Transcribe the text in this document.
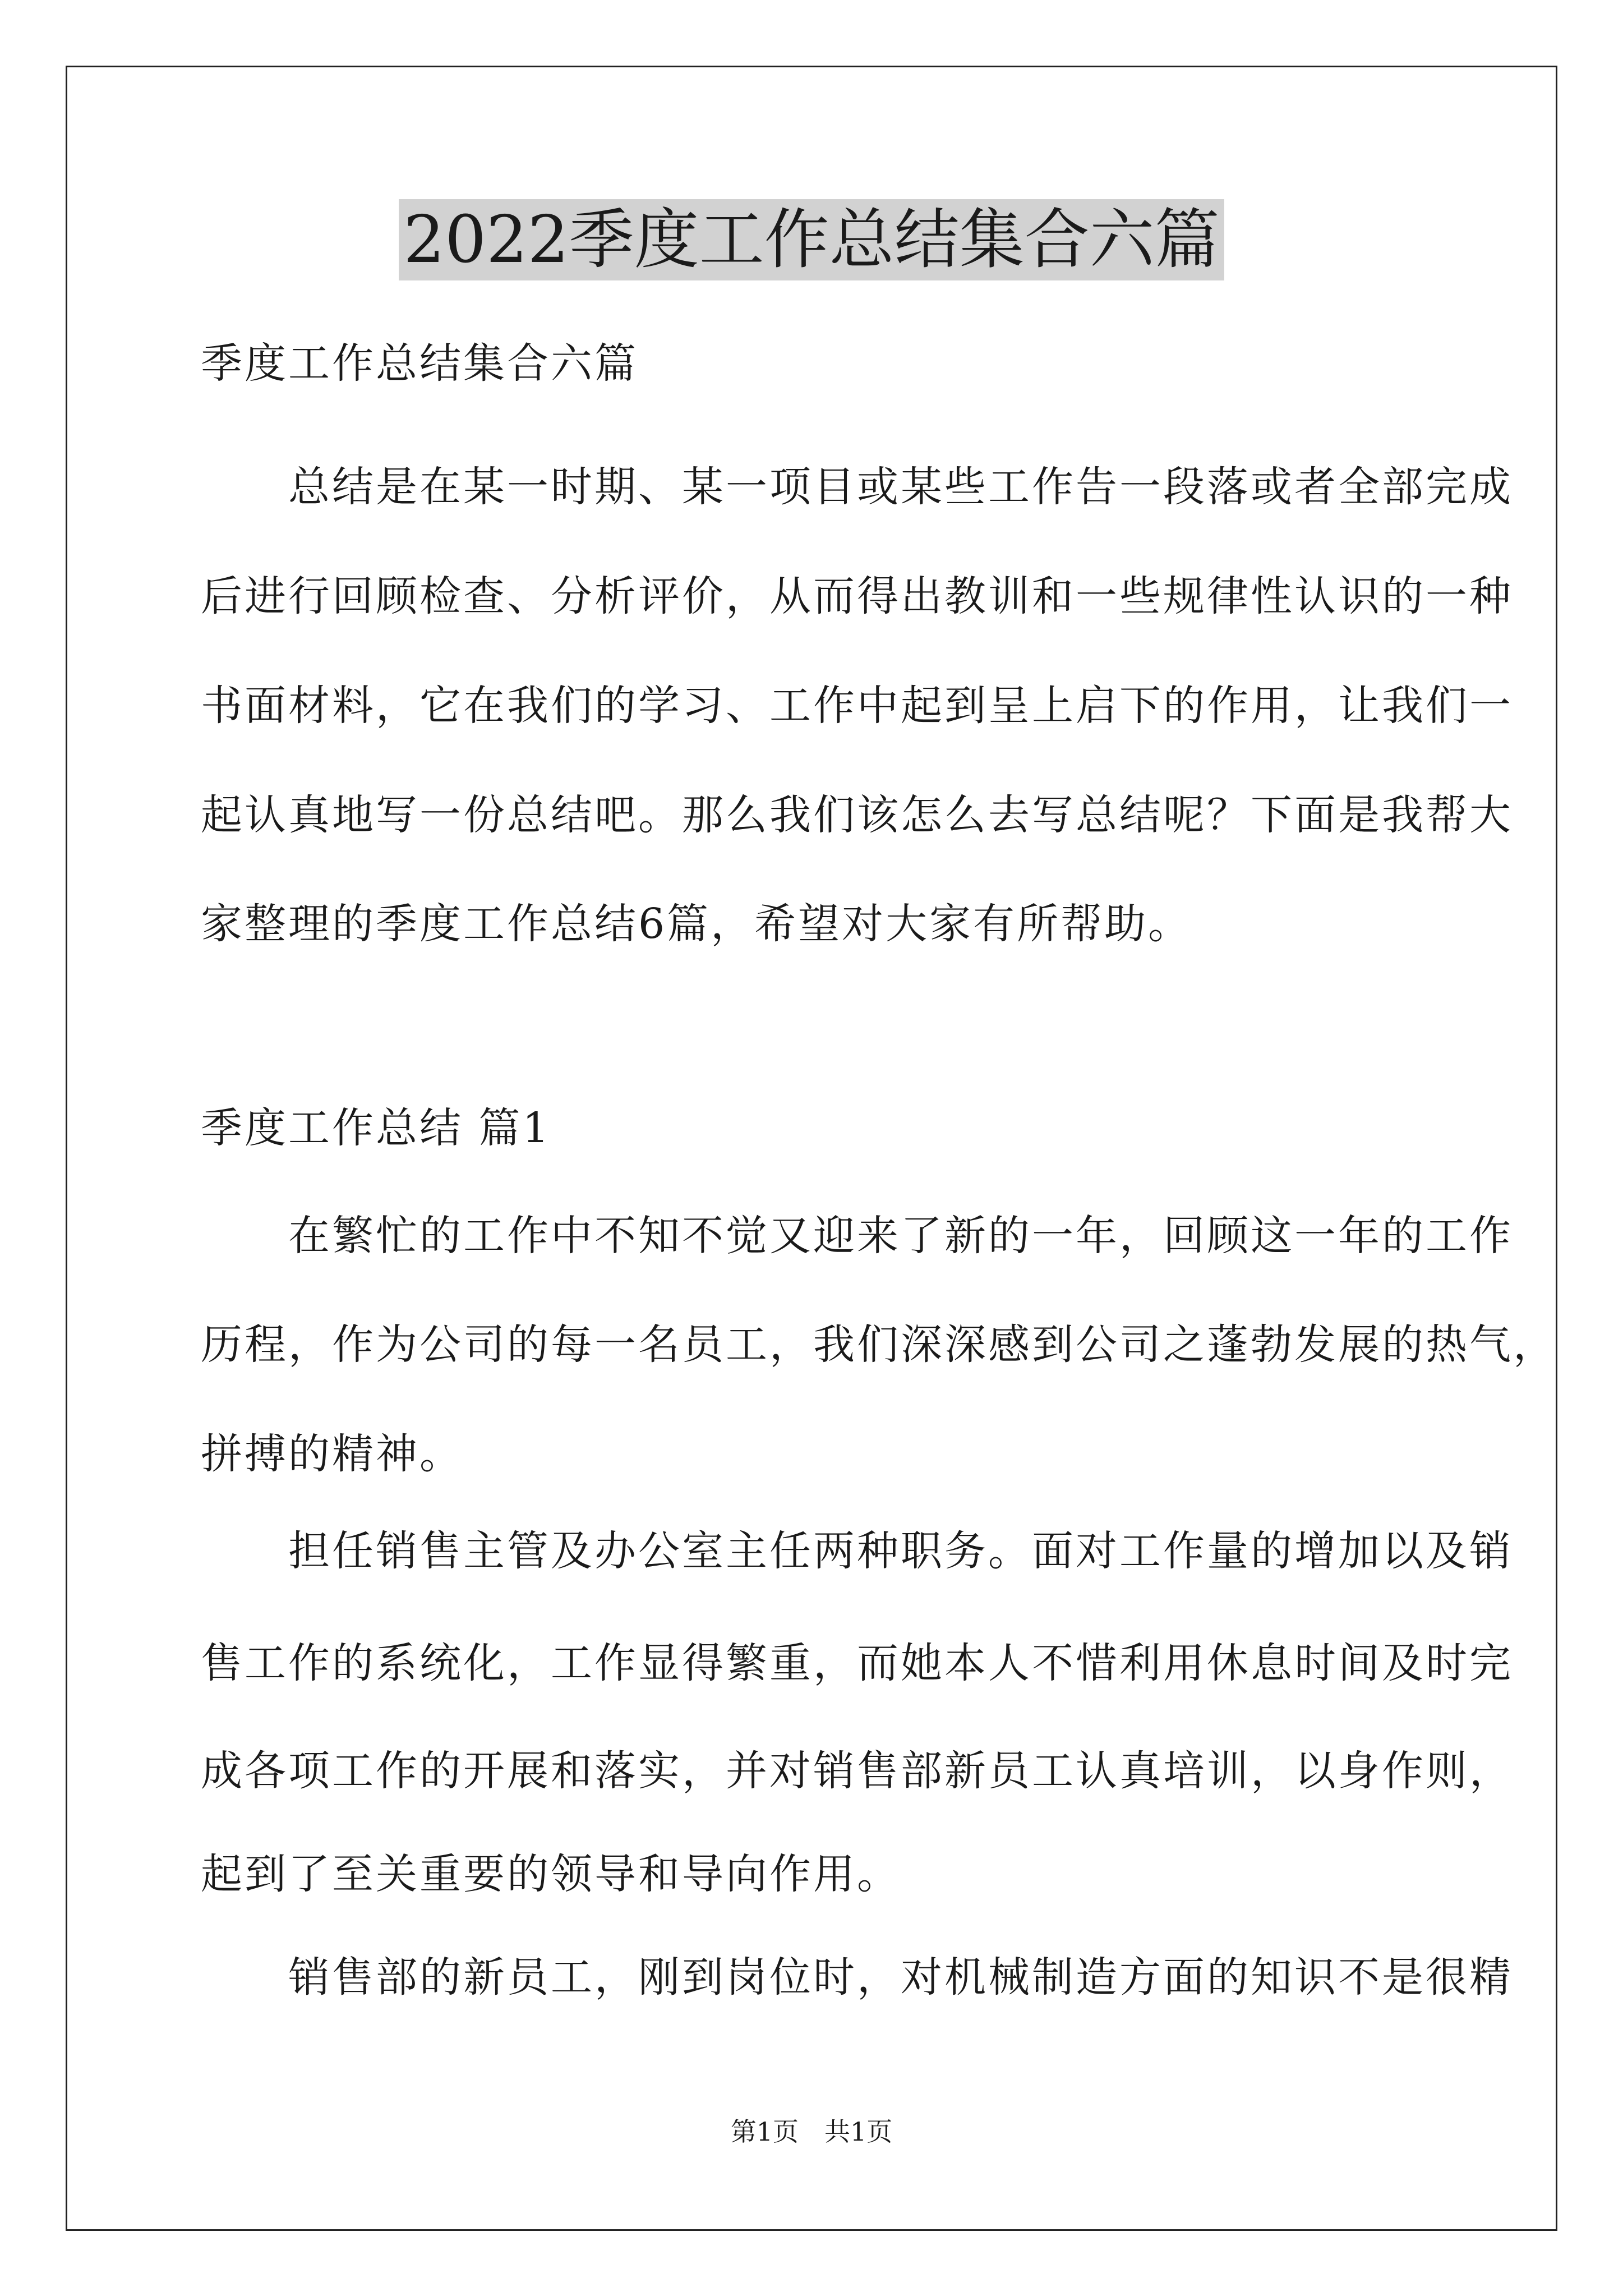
2022季度工作总结集合六篇
季度工作总结集合六篇
　　总结是在某一时期、某一项目或某些工作告一段落或者全部完成
后进行回顾检查、分析评价，从而得出教训和一些规律性认识的一种
书面材料，它在我们的学习、工作中起到呈上启下的作用，让我们一
起认真地写一份总结吧。那么我们该怎么去写总结呢？下面是我帮大
家整理的季度工作总结6篇，希望对大家有所帮助。
季度工作总结 篇1
　　在繁忙的工作中不知不觉又迎来了新的一年，回顾这一年的工作
历程，作为公司的每一名员工，我们深深感到公司之蓬勃发展的热气，
拼搏的精神。
　　担任销售主管及办公室主任两种职务。面对工作量的增加以及销
售工作的系统化，工作显得繁重，而她本人不惜利用休息时间及时完
成各项工作的开展和落实，并对销售部新员工认真培训，以身作则，
起到了至关重要的领导和导向作用。
　　销售部的新员工，刚到岗位时，对机械制造方面的知识不是很精
第1页　共1页
